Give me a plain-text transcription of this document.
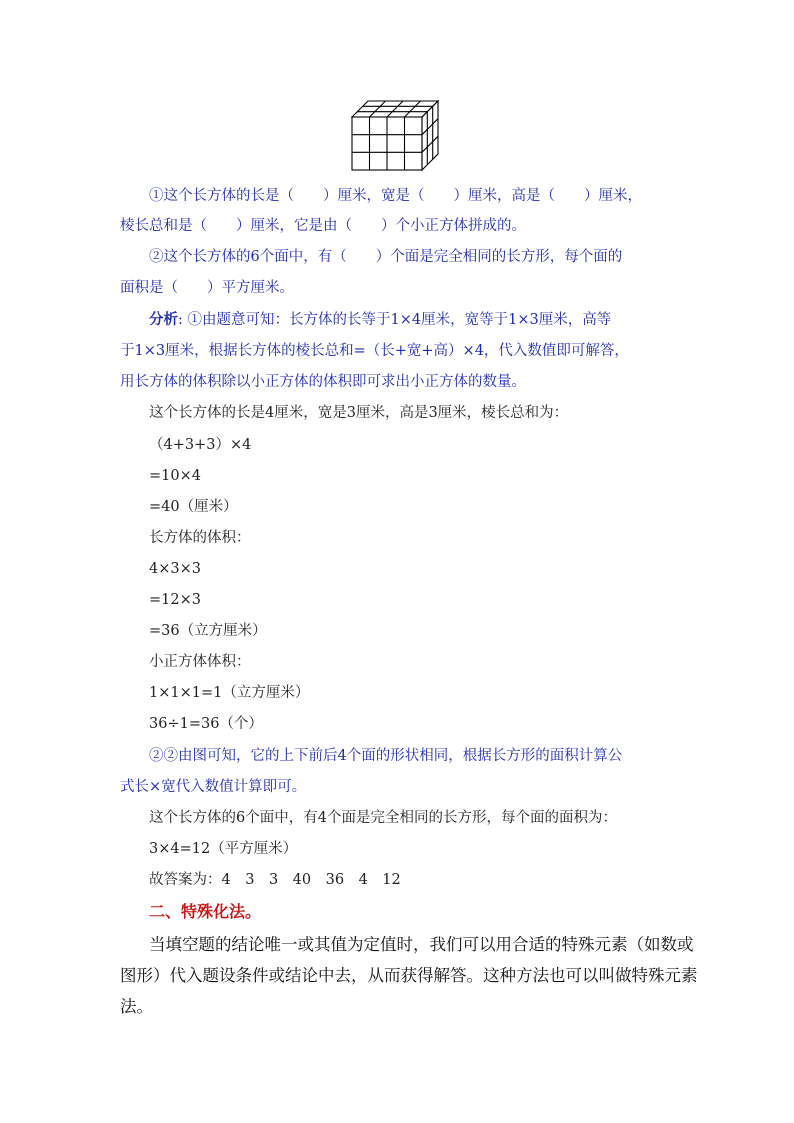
①这个长方体的长是（　　）厘米，宽是（　　）厘米，高是（　　）厘米，
棱长总和是（　　）厘米，它是由（　　）个小正方体拼成的。
②这个长方体的6个面中，有（　　）个面是完全相同的长方形，每个面的
面积是（　　）平方厘米。
分析: ①由题意可知：长方体的长等于1×4厘米，宽等于1×3厘米，高等
于1×3厘米，根据长方体的棱长总和=（长+宽+高）×4，代入数值即可解答，
用长方体的体积除以小正方体的体积即可求出小正方体的数量。
这个长方体的长是4厘米，宽是3厘米，高是3厘米，棱长总和为：
（4+3+3）×4
=10×4
=40（厘米）
长方体的体积：
4×3×3
=12×3
=36（立方厘米）
小正方体体积：
1×1×1=1（立方厘米）
36÷1=36（个）
②②由图可知，它的上下前后4个面的形状相同，根据长方形的面积计算公
式长×宽代入数值计算即可。
这个长方体的6个面中，有4个面是完全相同的长方形，每个面的面积为：
3×4=12（平方厘米）
故答案为：4　3　3　40　36　4　12
二、特殊化法。
当填空题的结论唯一或其值为定值时，我们可以用合适的特殊元素（如数或
图形）代入题设条件或结论中去，从而获得解答。这种方法也可以叫做特殊元素
法。
